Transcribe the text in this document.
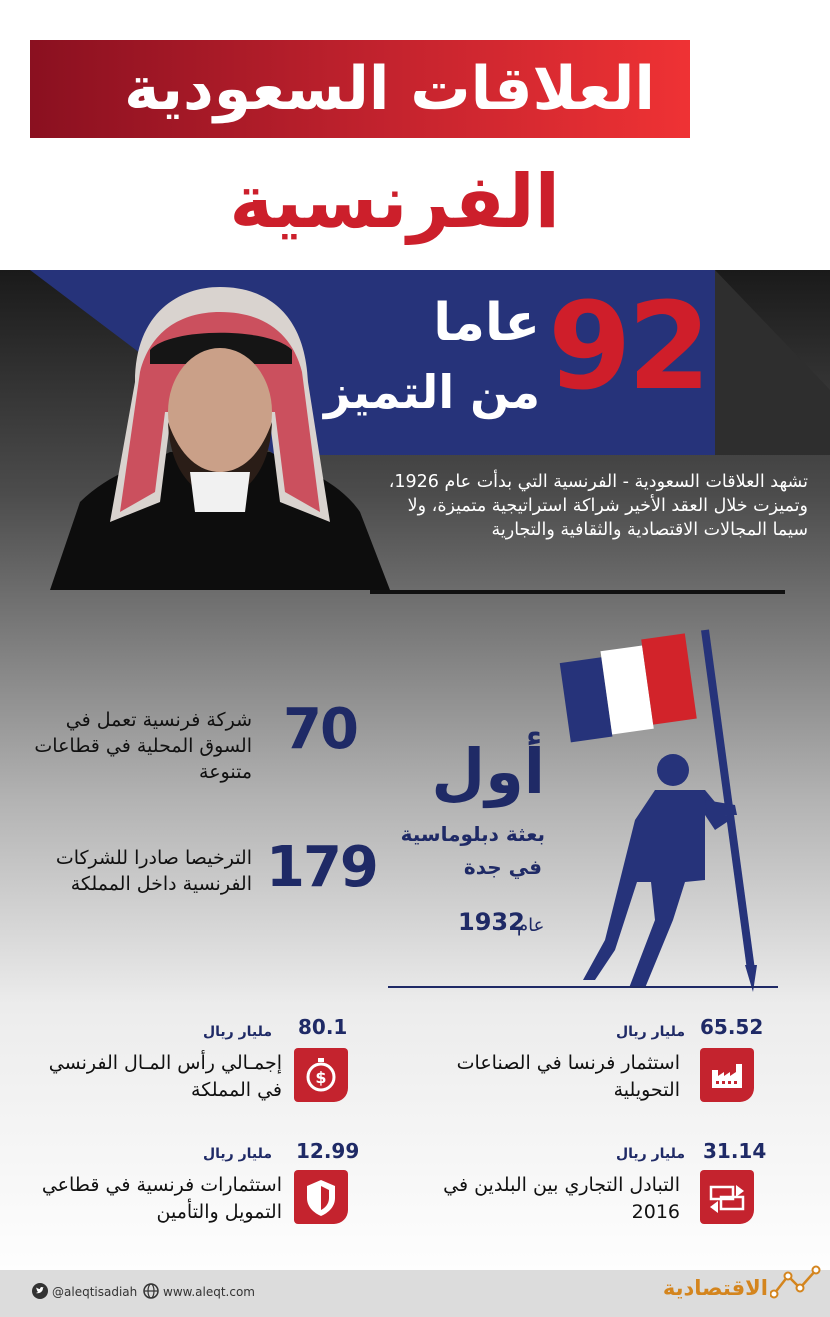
العلاقات السعودية
الفرنسية
92
عاما
من التميز
تشهد العلاقات السعودية - الفرنسية التي بدأت عام 1926، وتميزت خلال العقد الأخير شراكة استراتيجية متميزة، ولا سيما المجالات الاقتصادية والثقافية والتجارية
70
شركة فرنسية تعمل في السوق المحلية في قطاعات متنوعة
179
الترخيصا صادرا للشركات الفرنسية داخل المملكة
أول
بعثة دبلوماسية
في جدة
عام
1932
65.52
مليار ريال
استثمار فرنسا في الصناعات التحويلية
80.1
مليار ريال
$
إجمـالي رأس المـال الفرنسي في المملكة
31.14
مليار ريال
التبادل التجاري بين البلدين في 2016
12.99
مليار ريال
استثمارات فرنسية في قطاعي التمويل والتأمين
@aleqtisadiah www.aleqt.com	الاقتصادية
